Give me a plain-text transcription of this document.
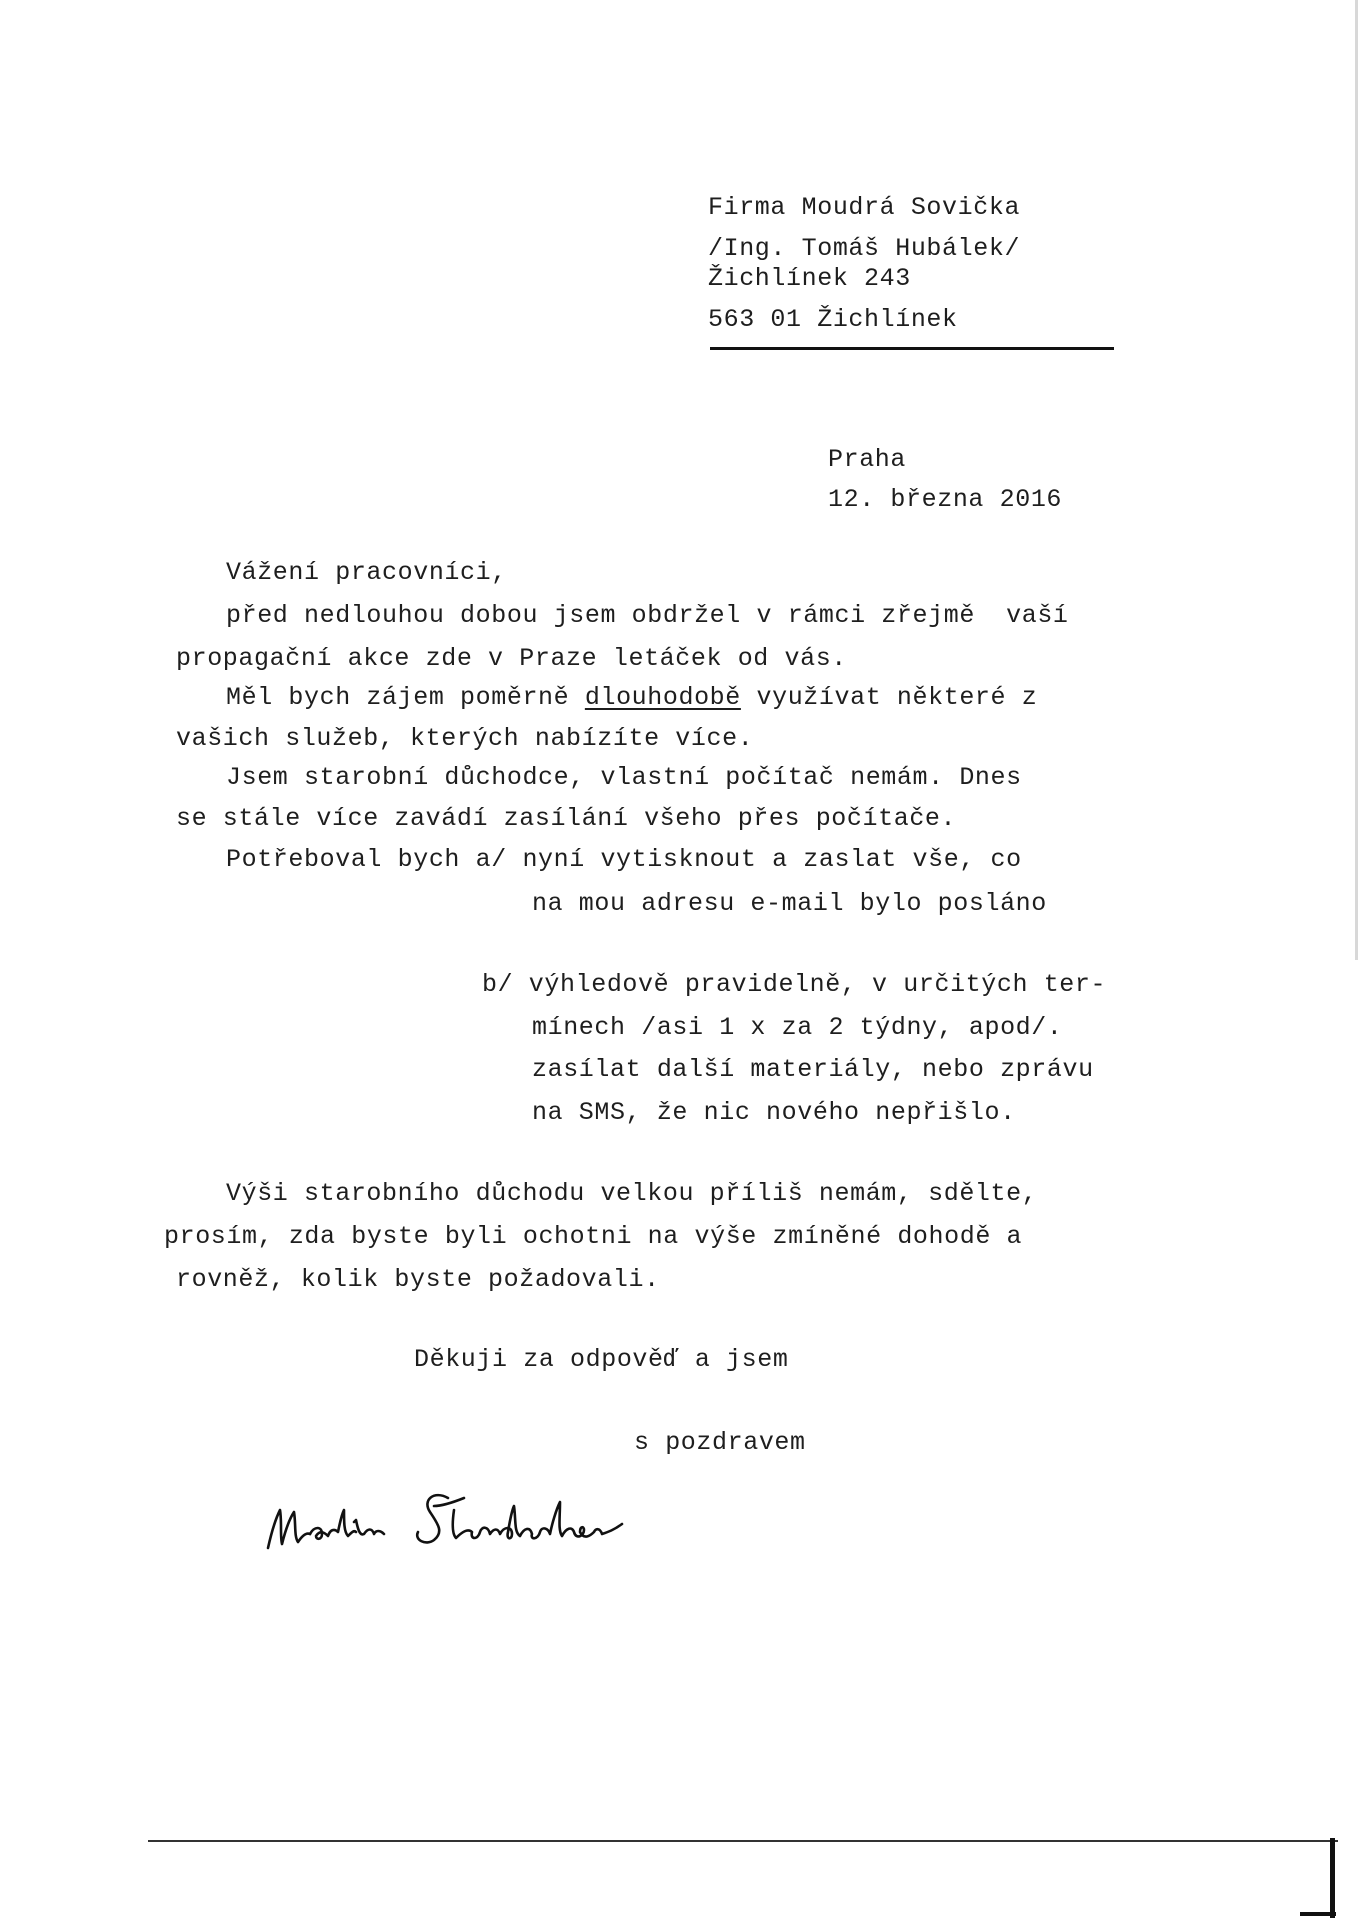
Firma Moudrá Sovička
/Ing. Tomáš Hubálek/
Žichlínek 243
563 01 Žichlínek
Praha
12. března 2016
Vážení pracovníci,
před nedlouhou dobou jsem obdržel v rámci zřejmě  vaší
propagační akce zde v Praze letáček od vás.
Měl bych zájem poměrně dlouhodobě využívat některé z
vašich služeb, kterých nabízíte více.
Jsem starobní důchodce, vlastní počítač nemám. Dnes
se stále více zavádí zasílání všeho přes počítače.
Potřeboval bych a/ nyní vytisknout a zaslat vše, co
na mou adresu e-mail bylo posláno
b/ výhledově pravidelně, v určitých ter-
mínech /asi 1 x za 2 týdny, apod/.
zasílat další materiály, nebo zprávu
na SMS, že nic nového nepřišlo.
Výši starobního důchodu velkou příliš nemám, sdělte,
prosím, zda byste byli ochotni na výše zmíněné dohodě a
rovněž, kolik byste požadovali.
Děkuji za odpověď a jsem
s pozdravem
